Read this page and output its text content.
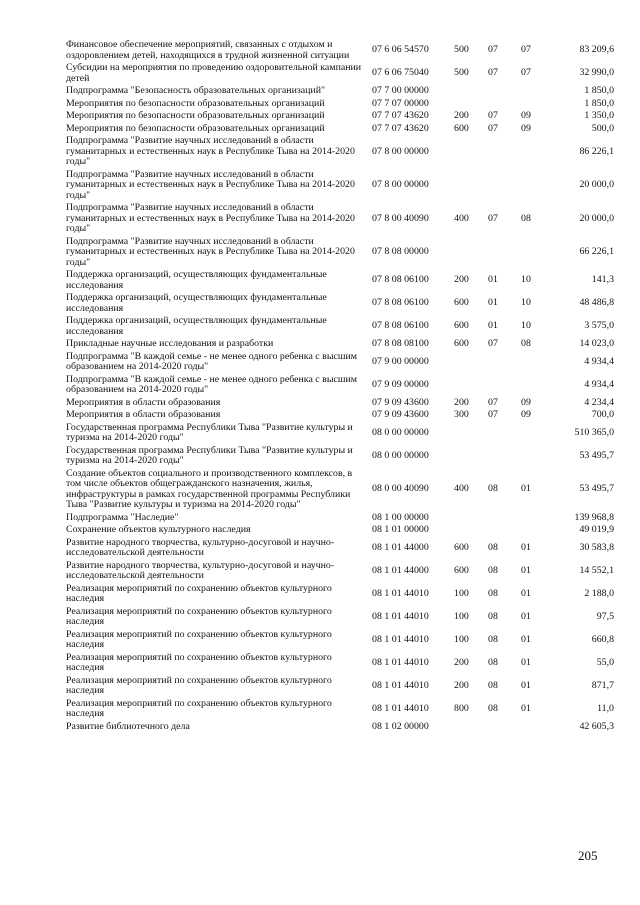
Финансовое обеспечение мероприятий, связанных с отдыхом и оздоровлением детей, находящихся в трудной жизненной ситуации	07 6 06 54570	500	07	07	83 209,6
Субсидии на мероприятия по проведению оздоровительной кампании детей	07 6 06 75040	500	07	07	32 990,0
Подпрограмма "Безопасность образовательных организаций"	07 7 00 00000				1 850,0
Мероприятия по безопасности образовательных организаций	07 7 07 00000				1 850,0
Мероприятия по безопасности образовательных организаций	07 7 07 43620	200	07	09	1 350,0
Мероприятия по безопасности образовательных организаций	07 7 07 43620	600	07	09	500,0
Подпрограмма "Развитие научных исследований в области гуманитарных и естественных наук в Республике Тыва на 2014-2020 годы"	07 8 00 00000				86 226,1
Подпрограмма "Развитие научных исследований в области гуманитарных и естественных наук в Республике Тыва на 2014-2020 годы"	07 8 00 00000				20 000,0
Подпрограмма "Развитие научных исследований в области гуманитарных и естественных наук в Республике Тыва на 2014-2020 годы"	07 8 00 40090	400	07	08	20 000,0
Подпрограмма "Развитие научных исследований в области гуманитарных и естественных наук в Республике Тыва на 2014-2020 годы"	07 8 08 00000				66 226,1
Поддержка организаций, осуществляющих фундаментальные исследования	07 8 08 06100	200	01	10	141,3
Поддержка организаций, осуществляющих фундаментальные исследования	07 8 08 06100	600	01	10	48 486,8
Поддержка организаций, осуществляющих фундаментальные исследования	07 8 08 06100	600	01	10	3 575,0
Прикладные научные исследования и разработки	07 8 08 08100	600	07	08	14 023,0
Подпрограмма "В каждой семье - не менее одного ребенка с высшим образованием на 2014-2020 годы"	07 9 00 00000				4 934,4
Подпрограмма "В каждой семье - не менее одного ребенка с высшим образованием на 2014-2020 годы"	07 9 09 00000				4 934,4
Мероприятия в области образования	07 9 09 43600	200	07	09	4 234,4
Мероприятия в области образования	07 9 09 43600	300	07	09	700,0
Государственная программа Республики Тыва "Развитие культуры и туризма на 2014-2020 годы"	08 0 00 00000				510 365,0
Государственная программа Республики Тыва "Развитие культуры и туризма на 2014-2020 годы"	08 0 00 00000				53 495,7
Создание объектов социального и производственного комплексов, в том числе объектов общегражданского назначения, жилья, инфраструктуры в рамках государственной программы Республики Тыва "Развитие культуры и туризма на 2014-2020 годы"	08 0 00 40090	400	08	01	53 495,7
Подпрограмма "Наследие"	08 1 00 00000				139 968,8
Сохранение объектов культурного наследия	08 1 01 00000				49 019,9
Развитие народного творчества, культурно-досуговой и научно-исследовательской деятельности	08 1 01 44000	600	08	01	30 583,8
Развитие народного творчества, культурно-досуговой и научно-исследовательской деятельности	08 1 01 44000	600	08	01	14 552,1
Реализация мероприятий по сохранению объектов культурного наследия	08 1 01 44010	100	08	01	2 188,0
Реализация мероприятий по сохранению объектов культурного наследия	08 1 01 44010	100	08	01	97,5
Реализация мероприятий по сохранению объектов культурного наследия	08 1 01 44010	100	08	01	660,8
Реализация мероприятий по сохранению объектов культурного наследия	08 1 01 44010	200	08	01	55,0
Реализация мероприятий по сохранению объектов культурного наследия	08 1 01 44010	200	08	01	871,7
Реализация мероприятий по сохранению объектов культурного наследия	08 1 01 44010	800	08	01	11,0
Развитие библиотечного дела	08 1 02 00000				42 605,3
205
